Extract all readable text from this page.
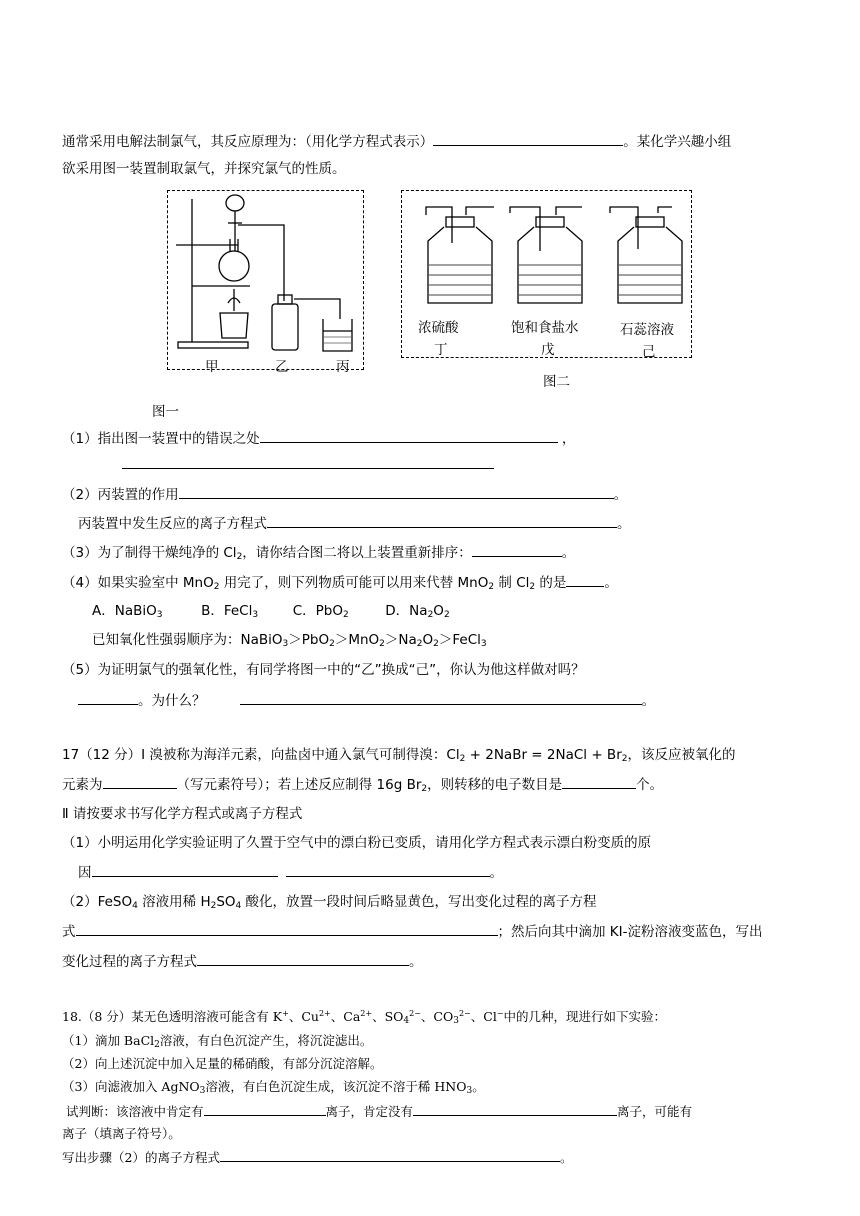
通常采用电解法制氯气，其反应原理为：（用化学方程式表示）	。某化学兴趣小组
欲采用图一装置制取氯气，并探究氯气的性质。
甲	乙	丙
图一
浓硫酸
丁
饱和食盐水
戊
石蕊溶液
己
图二
（1）指出图一装置中的错误之处	，
（2）丙装置的作用	。
丙装置中发生反应的离子方程式	。
（3）为了制得干燥纯净的 $Cl_2$，请你结合图二将以上装置重新排序：	。
（4）如果实验室中 MnO$_2$ 用完了，则下列物质可能可以用来代替 MnO$_2$ 制 $Cl_2$ 的是	。
A．NaBiO$_3$	B．FeCl$_3$	C．PbO$_2$	D．$Na_2O_2$
已知氧化性强弱顺序为：$NaBiO_3>PbO_2>MnO_2>Na_2O_2>FeCl_3$
（5）为证明氯气的强氧化性，有同学将图一中的“乙”换成“己”，你认为他这样做对吗？
。为什么？	。
17（12 分）Ⅰ 溴被称为海洋元素，向盐卤中通入氯气可制得溴：$Cl_2$ + 2NaBr = 2NaCl + $Br_2$，该反应被氧化的
元素为	（写元素符号）；若上述反应制得 16g $Br_2$，则转移的电子数目是	个。
Ⅱ 请按要求书写化学方程式或离子方程式
（1）小明运用化学实验证明了久置于空气中的漂白粉已变质，请用化学方程式表示漂白粉变质的原
因	。
（2）FeSO$_4$ 溶液用稀 $H_2SO_4$ 酸化，放置一段时间后略显黄色，写出变化过程的离子方程
式	；然后向其中滴加 KI-淀粉溶液变蓝色，写出
变化过程的离子方程式	。
18.（8 分）某无色透明溶液可能含有 K+、$Cu^{2+}$、$Ca^{2+}$、$SO_4^{2-}$、$CO_3^{2-}$、Cl−中的几种，现进行如下实验：
（1）滴加 BaCl$_2$溶液，有白色沉淀产生，将沉淀滤出。
（2）向上述沉淀中加入足量的稀硝酸，有部分沉淀溶解。
（3）向滤液加入 AgNO$_3$溶液，有白色沉淀生成，该沉淀不溶于稀 $HNO_3$。
试判断：该溶液中肯定有	离子，肯定没有	离子，可能有
离子（填离子符号）。
写出步骤（2）的离子方程式	。
